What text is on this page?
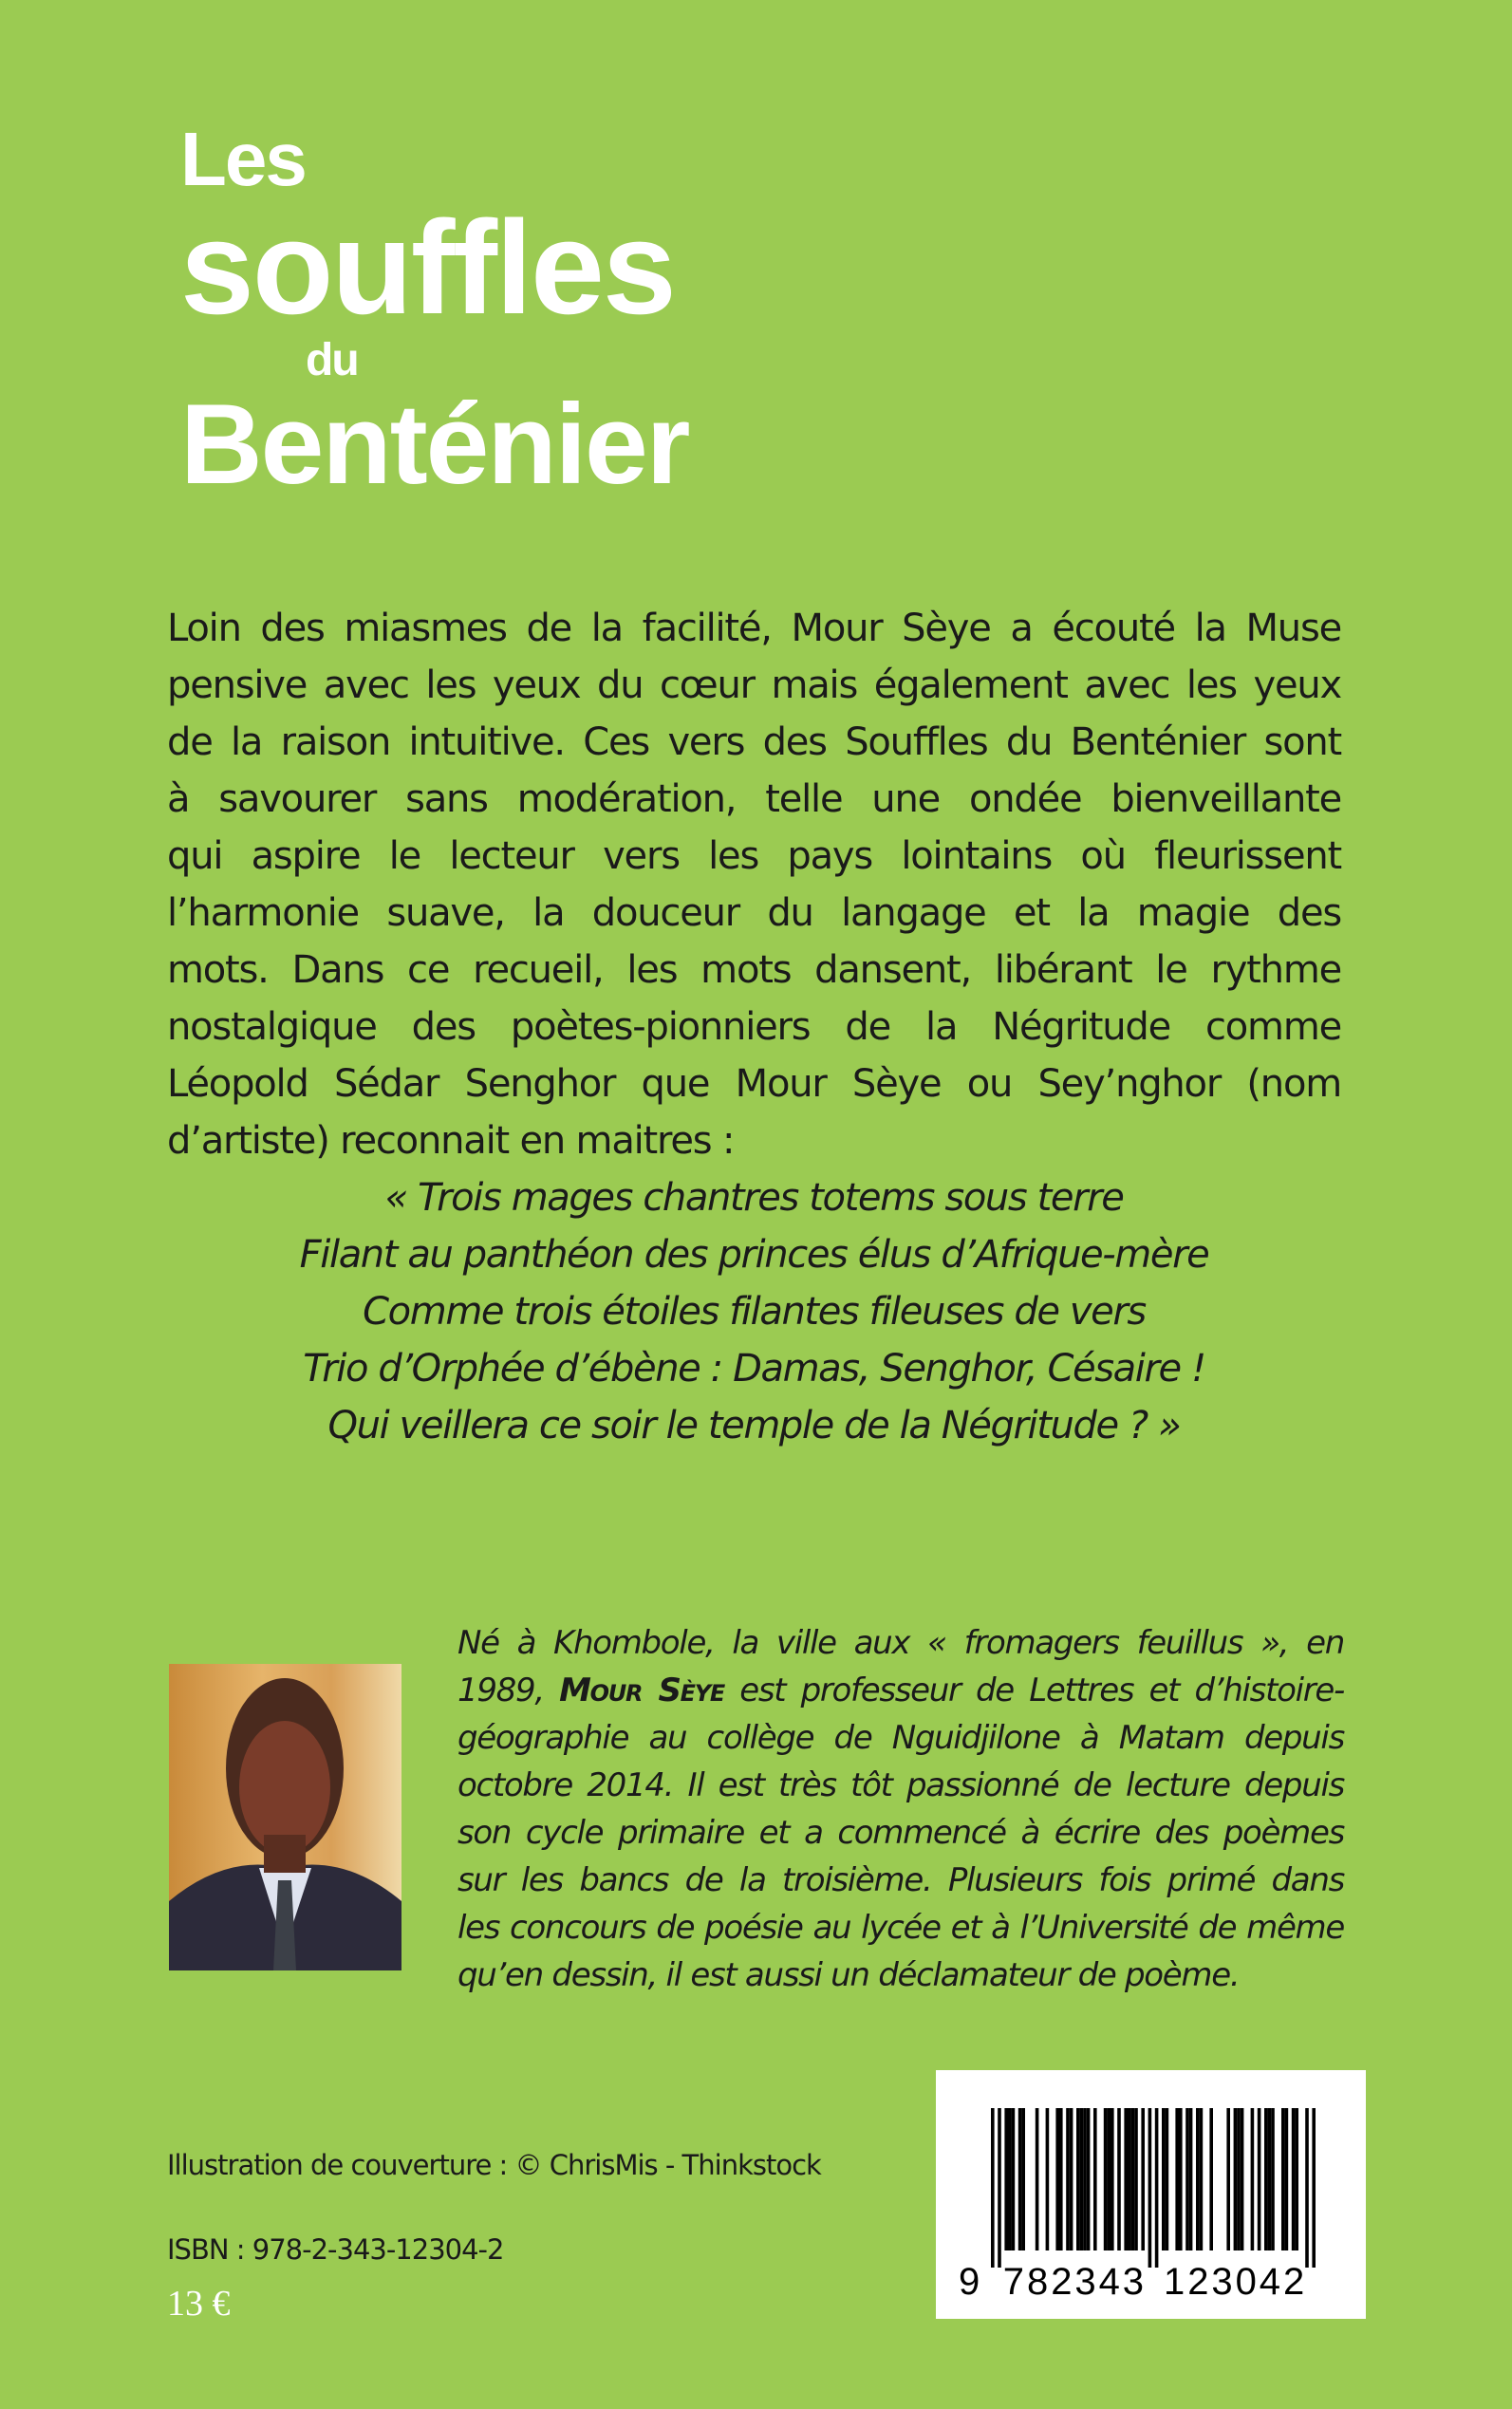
Les
souffles
du
Benténier
Loin des miasmes de la facilité, Mour Sèye a écouté la Muse
pensive avec les yeux du cœur mais également avec les yeux
de la raison intuitive. Ces vers des Souffles du Benténier sont
à savourer sans modération, telle une ondée bienveillante
qui aspire le lecteur vers les pays lointains où fleurissent
l’harmonie suave, la douceur du langage et la magie des
mots. Dans ce recueil, les mots dansent, libérant le rythme
nostalgique des poètes-pionniers de la Négritude comme
Léopold Sédar Senghor que Mour Sèye ou Sey’nghor (nom
d’artiste) reconnait en maitres :
« Trois mages chantres totems sous terre
Filant au panthéon des princes élus d’Afrique-mère
Comme trois étoiles filantes fileuses de vers
Trio d’Orphée d’ébène : Damas, Senghor, Césaire !
Qui veillera ce soir le temple de la Négritude ? »
Né à Khombole, la ville aux « fromagers feuillus », en
1989, Mour Sèye est professeur de Lettres et d’histoire-
géographie au collège de Nguidjilone à Matam depuis
octobre 2014. Il est très tôt passionné de lecture depuis
son cycle primaire et a commencé à écrire des poèmes
sur les bancs de la troisième. Plusieurs fois primé dans
les concours de poésie au lycée et à l’Université de même
qu’en dessin, il est aussi un déclamateur de poème.
Illustration de couverture : © ChrisMis - Thinkstock
ISBN : 978-2-343-12304-2
13 €
9 7 8 2 3 4 3 1 2 3 0 4 2
